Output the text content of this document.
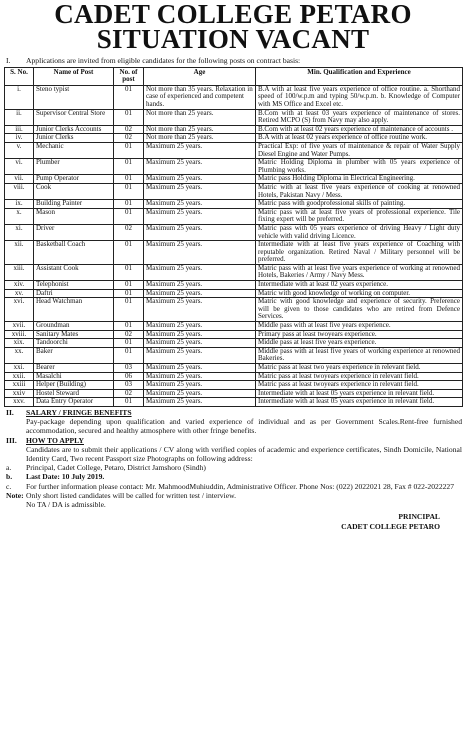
CADET COLLEGE PETARO
SITUATION VACANT
I.	Applications are invited from eligible candidates for the following posts on contract basis:
S. No.	Name of Post	No. of post	Age	Min. Qualification and Experience
i.	Steno typist	01	Not more than 35 years. Relaxation in case of experienced and competent hands.	B.A with at least five years experience of office routine. a. Shorthand speed of 100/w.p.m and typing 50/w.p.m. b. Knowledge of Computer with MS Office and Excel etc.
ii.	Supervisor Central Store	01	Not more than 25 years.	B.Com with at least 03 years experience of maintenance of stores. Retired MCPO (S) from Navy may also apply.
iii.	Junior Clerks Accounts	02	Not more than 25 years.	B.Com with at least 02 years experience of maintenance of accounts .
iv.	Junior Clerks	02	Not more than 25 years.	B.A with at least 02 years experience of office routine work.
v.	Mechanic	01	Maximum 25 years.	Practical Exp: of five years of maintenance & repair of Water Supply Diesel Engine and Water Pumps.
vi.	Plumber	01	Maximum 25 years.	Matric Holding Diploma in plumber with 05 years experience of Plumbing works.
vii.	Pump Operator	01	Maximum 25 years.	Matric pass Holding Diploma in Electrical Engineering.
viii.	Cook	01	Maximum 25 years.	Matric with at least five years experience of cooking at renowned Hotels, Pakistan Navy / Mess.
ix.	Building Painter	01	Maximum 25 years.	Matric pass with goodprofessional skills of painting.
x.	Mason	01	Maximum 25 years.	Matric pass with at least five years of professional experience. Tile fixing expert will be preferred.
xi.	Driver	02	Maximum 25 years.	Matric pass with 05 years experience of driving Heavy / Light duty vehicle with valid driving Licence.
xii.	Basketball Coach	01	Maximum 25 years.	Intermediate with at least five years experience of Coaching with reputable organization. Retired Naval / Military personnel will be preferred.
xiii.	Assistant Cook	01	Maximum 25 years.	Matric pass with at least five years experience of working at renowned Hotels, Bakeries / Army / Navy Mess.
xiv.	Telephonist	01	Maximum 25 years.	Intermediate with at least 02 years experience.
xv.	Daftri	01	Maximum 25 years.	Matric with good knowledge of working on computer.
xvi.	Head Watchman	01	Maximum 25 years.	Matric with good knowledge and experience of security. Preference will be given to those candidates who are retired from Defence Services.
xvii.	Groundman	01	Maximum 25 years.	Middle pass with at least five years experience.
xviii.	Sanitary Mates	02	Maximum 25 years.	Primary pass at least twoyears experience.
xix.	Tandoorchi	01	Maximum 25 years.	Middle pass at least five years experience.
xx.	Baker	01	Maximum 25 years.	Middle pass with at least five years of working experience at renowned Bakeries.
xxi.	Bearer	03	Maximum 25 years.	Matric pass at least two years experience in relevant field.
xxii.	Masalchi	06	Maximum 25 years.	Matric pass at least twoyears experience in relevant field.
xxiii	Helper (Building)	03	Maximum 25 years.	Matric pass at least twoyears experience in relevant field.
xxiv	Hostel Steward	02	Maximum 25 years.	Intermediate with at least 05 years experience in relevant field.
xxv.	Data Entry Operator	01	Maximum 25 years.	Intermediate with at least 05 years experience in relevant field.
II.	SALARY / FRINGE BENEFITS
Pay-package depending upon qualification and varied experience of individual and as per Government Scales.Rent-free furnished accommodation, secured and healthy atmosphere with other fringe benefits.
III.	HOW TO APPLY
Candidates are to submit their applications / CV along with verified copies of academic and experience certificates, Sindh Domicile, National Identity Card, Two recent Passport size Photographs on following address:
a.	Principal, Cadet College, Petaro, District Jamshoro (Sindh)
b.	Last Date: 10 July 2019.
c.	For further information please contact: Mr. MahmoodMuhiuddin, Administrative Officer. Phone Nos: (022) 2022021 28, Fax # 022-2022227
Note: Only short listed candidates will be called for written test / interview.
No TA / DA is admissible.
PRINCIPAL
CADET COLLEGE PETARO
